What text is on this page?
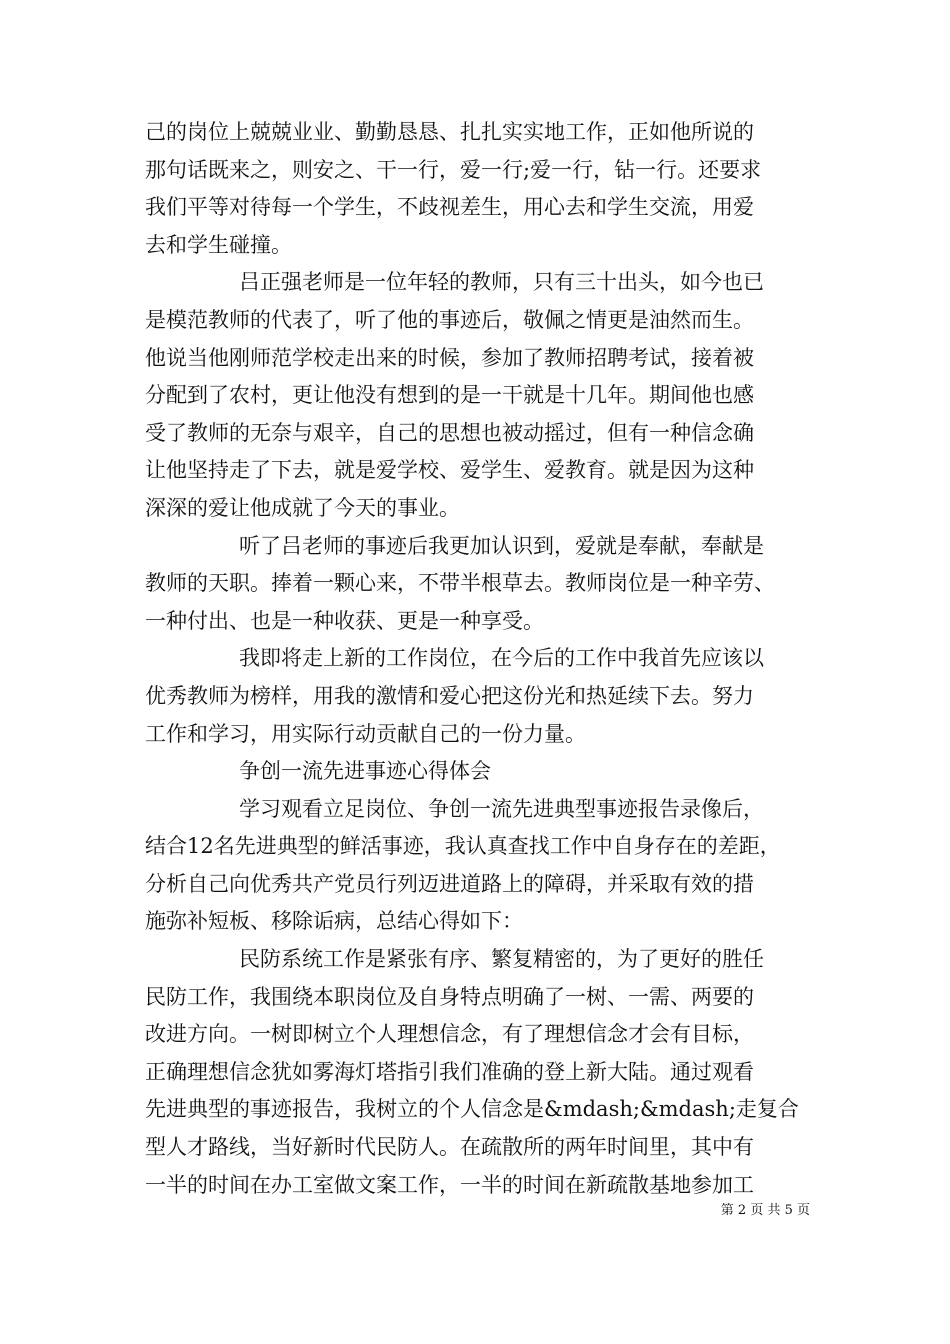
己的岗位上兢兢业业、勤勤恳恳、扎扎实实地工作，正如他所说的
那句话既来之，则安之、干一行，爱一行;爱一行，钻一行。还要求
我们平等对待每一个学生，不歧视差生，用心去和学生交流，用爱
去和学生碰撞。
吕正强老师是一位年轻的教师，只有三十出头，如今也已
是模范教师的代表了，听了他的事迹后，敬佩之情更是油然而生。
他说当他刚师范学校走出来的时候，参加了教师招聘考试，接着被
分配到了农村，更让他没有想到的是一干就是十几年。期间他也感
受了教师的无奈与艰辛，自己的思想也被动摇过，但有一种信念确
让他坚持走了下去，就是爱学校、爱学生、爱教育。就是因为这种
深深的爱让他成就了今天的事业。
听了吕老师的事迹后我更加认识到，爱就是奉献，奉献是
教师的天职。捧着一颗心来，不带半根草去。教师岗位是一种辛劳、
一种付出、也是一种收获、更是一种享受。
我即将走上新的工作岗位，在今后的工作中我首先应该以
优秀教师为榜样，用我的激情和爱心把这份光和热延续下去。努力
工作和学习，用实际行动贡献自己的一份力量。
争创一流先进事迹心得体会
学习观看立足岗位、争创一流先进典型事迹报告录像后，
结合12名先进典型的鲜活事迹，我认真查找工作中自身存在的差距，
分析自己向优秀共产党员行列迈进道路上的障碍，并采取有效的措
施弥补短板、移除诟病，总结心得如下：
民防系统工作是紧张有序、繁复精密的，为了更好的胜任
民防工作，我围绕本职岗位及自身特点明确了一树、一需、两要的
改进方向。一树即树立个人理想信念，有了理想信念才会有目标，
正确理想信念犹如雾海灯塔指引我们准确的登上新大陆。通过观看
先进典型的事迹报告，我树立的个人信念是&mdash;&mdash;走复合
型人才路线，当好新时代民防人。在疏散所的两年时间里，其中有
一半的时间在办工室做文案工作，一半的时间在新疏散基地参加工
第 2 页 共 5 页
